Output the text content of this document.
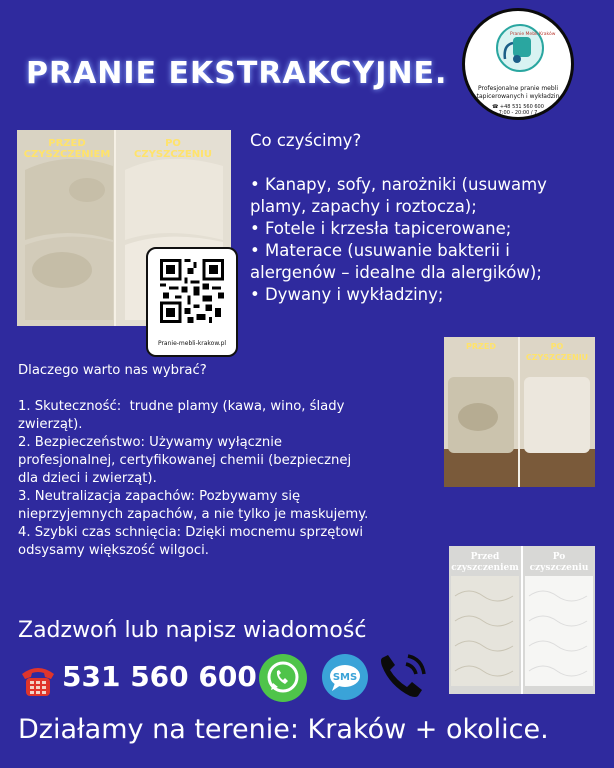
PRANIE EKSTRAKCYJNE.
Pranie Mebli Kraków
Profesjonalne pranie mebli
tapicerowanych i wykładzin
☎ +48 531 560 600
7:00 - 20:00 / 7
PRZED CZYSZCZENIEM
PO CZYSZCZENIU
Pranie-mebli-krakow.pl
Co czyścimy?
• Kanapy, sofy, narożniki (usuwamy
plamy, zapachy i roztocza);
• Fotele i krzesła tapicerowane;
• Materace (usuwanie bakterii i
alergenów – idealne dla alergików);
• Dywany i wykładziny;
PRZED	PO CZYSZCZENIU
Dlaczego warto nas wybrać?
1. Skuteczność:  trudne plamy (kawa, wino, ślady
zwierząt).
2. Bezpieczeństwo: Używamy wyłącznie
profesjonalnej, certyfikowanej chemii (bezpiecznej
dla dzieci i zwierząt).
3. Neutralizacja zapachów: Pozbywamy się
nieprzyjemnych zapachów, a nie tylko je maskujemy.
4. Szybki czas schnięcia: Dzięki mocnemu sprzętowi
odsysamy większość wilgoci.	Przed czyszczeniem
Po czyszczeniu
Zadzwoń lub napisz wiadomość
531 560 600	SMS
Działamy na terenie: Kraków + okolice.
